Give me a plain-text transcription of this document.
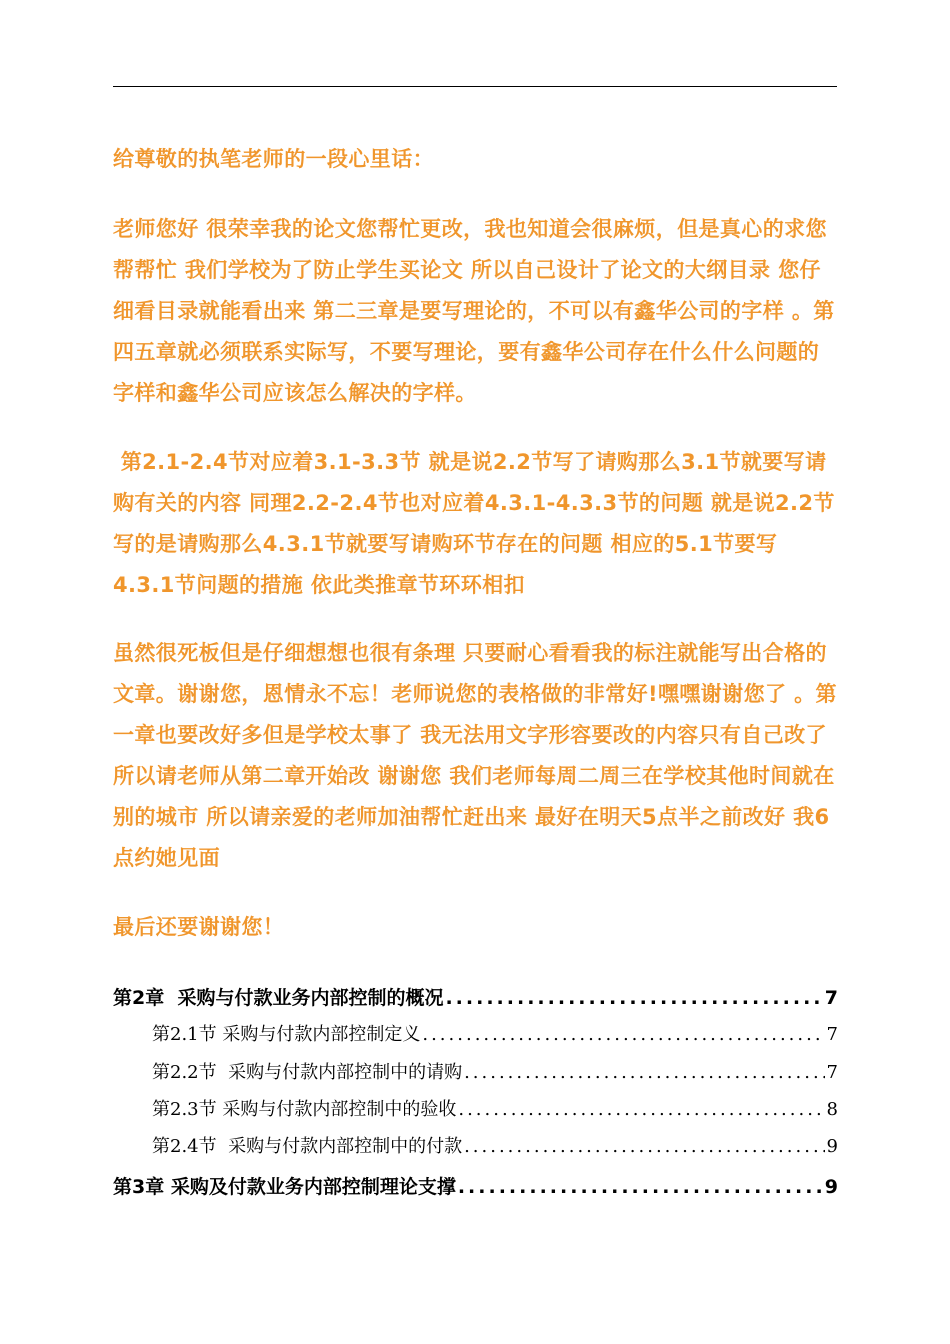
给尊敬的执笔老师的一段心里话：
老师您好 很荣幸我的论文您帮忙更改，我也知道会很麻烦，但是真心的求您帮帮忙 我们学校为了防止学生买论文 所以自己设计了论文的大纲目录 您仔细看目录就能看出来 第二三章是要写理论的，不可以有鑫华公司的字样 。第四五章就必须联系实际写，不要写理论，要有鑫华公司存在什么什么问题的字样和鑫华公司应该怎么解决的字样。
第2.1-2.4节对应着3.1-3.3节 就是说2.2节写了请购那么3.1节就要写请购有关的内容 同理2.2-2.4节也对应着4.3.1-4.3.3节的问题 就是说2.2节写的是请购那么4.3.1节就要写请购环节存在的问题 相应的5.1节要写4.3.1节问题的措施 依此类推章节环环相扣
虽然很死板但是仔细想想也很有条理 只要耐心看看我的标注就能写出合格的文章。谢谢您，恩情永不忘！老师说您的表格做的非常好!嘿嘿谢谢您了 。第一章也要改好多但是学校太事了 我无法用文字形容要改的内容只有自己改了 所以请老师从第二章开始改 谢谢您 我们老师每周二周三在学校其他时间就在别的城市 所以请亲爱的老师加油帮忙赶出来 最好在明天5点半之前改好 我6点约她见面
最后还要谢谢您！
第2章  采购与付款业务内部控制的概况 .....	7
第2.1节 采购与付款内部控制定义 .....	7
第2.2节  采购与付款内部控制中的请购 .....	7
第2.3节 采购与付款内部控制中的验收 .....	8
第2.4节  采购与付款内部控制中的付款 .....	9
第3章 采购及付款业务内部控制理论支撑 .....	9
